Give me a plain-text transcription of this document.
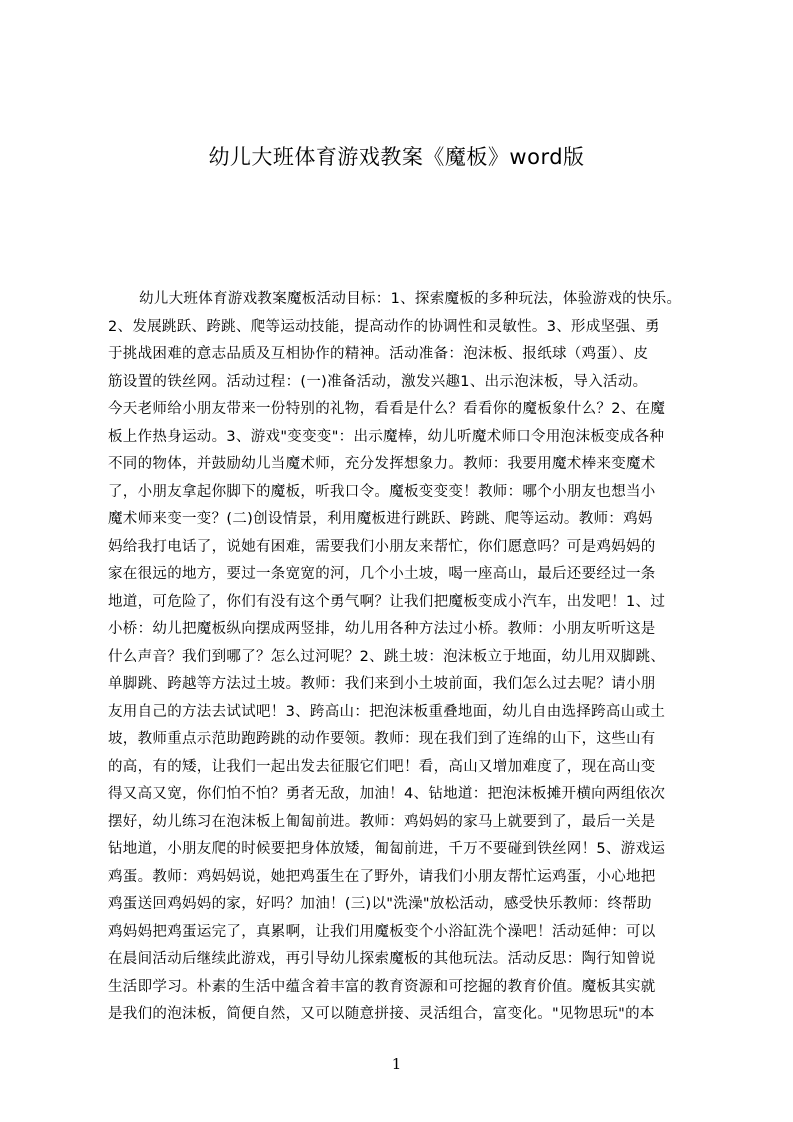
幼儿大班体育游戏教案《魔板》word版
幼儿大班体育游戏教案魔板活动目标：1、探索魔板的多种玩法，体验游戏的快乐。
2、发展跳跃、跨跳、爬等运动技能，提高动作的协调性和灵敏性。3、形成坚强、勇
于挑战困难的意志品质及互相协作的精神。活动准备：泡沫板、报纸球（鸡蛋）、皮
筋设置的铁丝网。活动过程：(一)准备活动，激发兴趣1、出示泡沫板，导入活动。
今天老师给小朋友带来一份特别的礼物，看看是什么？看看你的魔板象什么？2、在魔
板上作热身运动。3、游戏"变变变"：出示魔棒，幼儿听魔术师口令用泡沫板变成各种
不同的物体，并鼓励幼儿当魔术师，充分发挥想象力。教师：我要用魔术棒来变魔术
了，小朋友拿起你脚下的魔板，听我口令。魔板变变变！教师：哪个小朋友也想当小
魔术师来变一变？(二)创设情景，利用魔板进行跳跃、跨跳、爬等运动。教师：鸡妈
妈给我打电话了，说她有困难，需要我们小朋友来帮忙，你们愿意吗？可是鸡妈妈的
家在很远的地方，要过一条宽宽的河，几个小土坡，喝一座高山，最后还要经过一条
地道，可危险了，你们有没有这个勇气啊？让我们把魔板变成小汽车，出发吧！1、过
小桥：幼儿把魔板纵向摆成两竖排，幼儿用各种方法过小桥。教师：小朋友听听这是
什么声音？我们到哪了？怎么过河呢？2、跳土坡：泡沫板立于地面，幼儿用双脚跳、
单脚跳、跨越等方法过土坡。教师：我们来到小土坡前面，我们怎么过去呢？请小朋
友用自己的方法去试试吧！3、跨高山：把泡沫板重叠地面，幼儿自由选择跨高山或土
坡，教师重点示范助跑跨跳的动作要领。教师：现在我们到了连绵的山下，这些山有
的高，有的矮，让我们一起出发去征服它们吧！看，高山又增加难度了，现在高山变
得又高又宽，你们怕不怕？勇者无敌，加油！4、钻地道：把泡沫板摊开横向两组依次
摆好，幼儿练习在泡沫板上匍匐前进。教师：鸡妈妈的家马上就要到了，最后一关是
钻地道，小朋友爬的时候要把身体放矮，匍匐前进，千万不要碰到铁丝网！5、游戏运
鸡蛋。教师：鸡妈妈说，她把鸡蛋生在了野外，请我们小朋友帮忙运鸡蛋，小心地把
鸡蛋送回鸡妈妈的家，好吗？加油！(三)以"洗澡"放松活动，感受快乐教师：终帮助
鸡妈妈把鸡蛋运完了，真累啊，让我们用魔板变个小浴缸洗个澡吧！活动延伸：可以
在晨间活动后继续此游戏，再引导幼儿探索魔板的其他玩法。活动反思：陶行知曾说
生活即学习。朴素的生活中蕴含着丰富的教育资源和可挖掘的教育价值。魔板其实就
是我们的泡沫板，简便自然，又可以随意拼接、灵活组合，富变化。"见物思玩"的本
1
